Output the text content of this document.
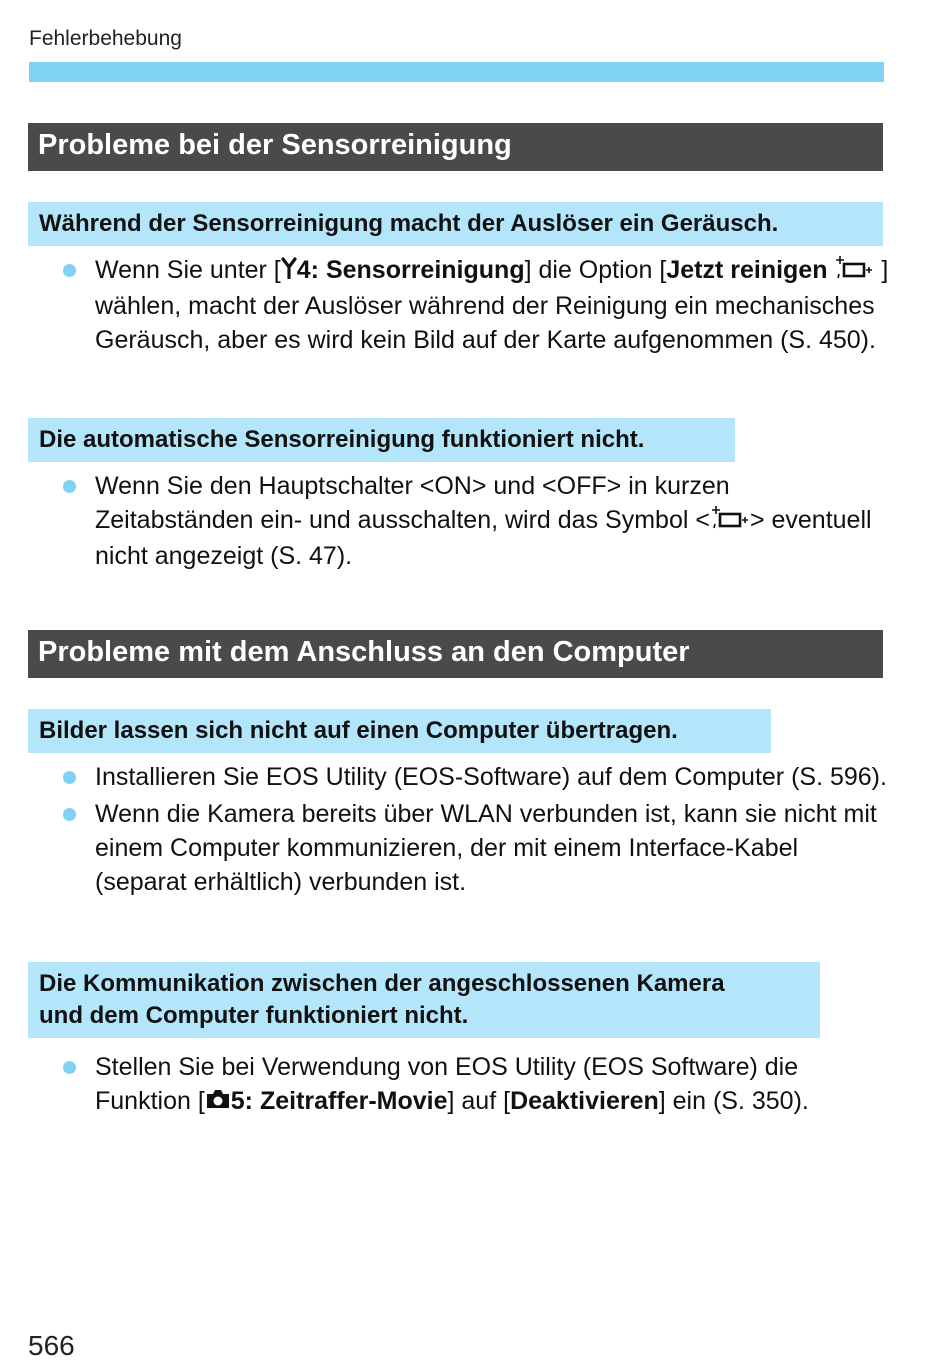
Fehlerbehebung
Probleme bei der Sensorreinigung
Während der Sensorreinigung macht der Auslöser ein Geräusch.
Wenn Sie unter [ 4: Sensorreinigung] die Option [Jetzt reinigen ] wählen, macht der Auslöser während der Reinigung ein mechanisches Geräusch, aber es wird kein Bild auf der Karte aufgenommen (S. 450).
Die automatische Sensorreinigung funktioniert nicht.
Wenn Sie den Hauptschalter <ON> und <OFF> in kurzen Zeitabständen ein- und ausschalten, wird das Symbol < > eventuell nicht angezeigt (S. 47).
Probleme mit dem Anschluss an den Computer
Bilder lassen sich nicht auf einen Computer übertragen.
Installieren Sie EOS Utility (EOS-Software) auf dem Computer (S. 596).
Wenn die Kamera bereits über WLAN verbunden ist, kann sie nicht mit einem Computer kommunizieren, der mit einem Interface-Kabel (separat erhältlich) verbunden ist.
Die Kommunikation zwischen der angeschlossenen Kamera
und dem Computer funktioniert nicht.
Stellen Sie bei Verwendung von EOS Utility (EOS Software) die Funktion [ 5: Zeitraffer-Movie] auf [Deaktivieren] ein (S. 350).
566
